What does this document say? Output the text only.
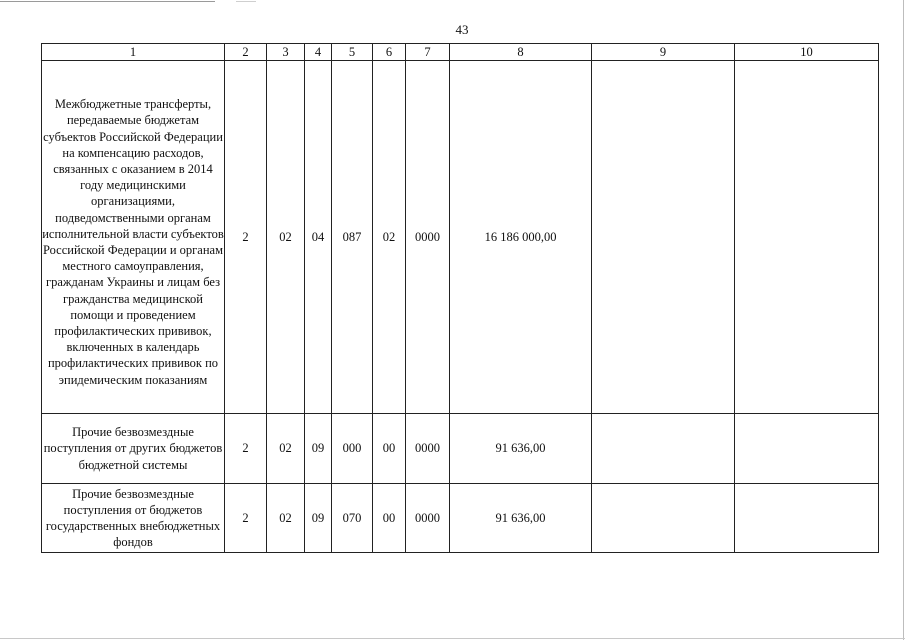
43
1	2	3	4	5	6	7	8	9	10
Межбюджетные трансферты, передаваемые бюджетам субъектов Российской Федерации на компенсацию расходов, связанных с оказанием в 2014 году медицинскими организациями, подведомственными органам исполнительной власти субъектов Российской Федерации и органам местного самоуправления, гражданам Украины и лицам без гражданства медицинской помощи и проведением профилактических прививок, включенных в календарь профилактических прививок по эпидемическим показаниям	2	02	04	087	02	0000	16 186 000,00		
Прочие безвозмездные поступления от других бюджетов бюджетной системы	2	02	09	000	00	0000	91 636,00		
Прочие безвозмездные поступления от бюджетов государственных внебюджетных фондов	2	02	09	070	00	0000	91 636,00		
